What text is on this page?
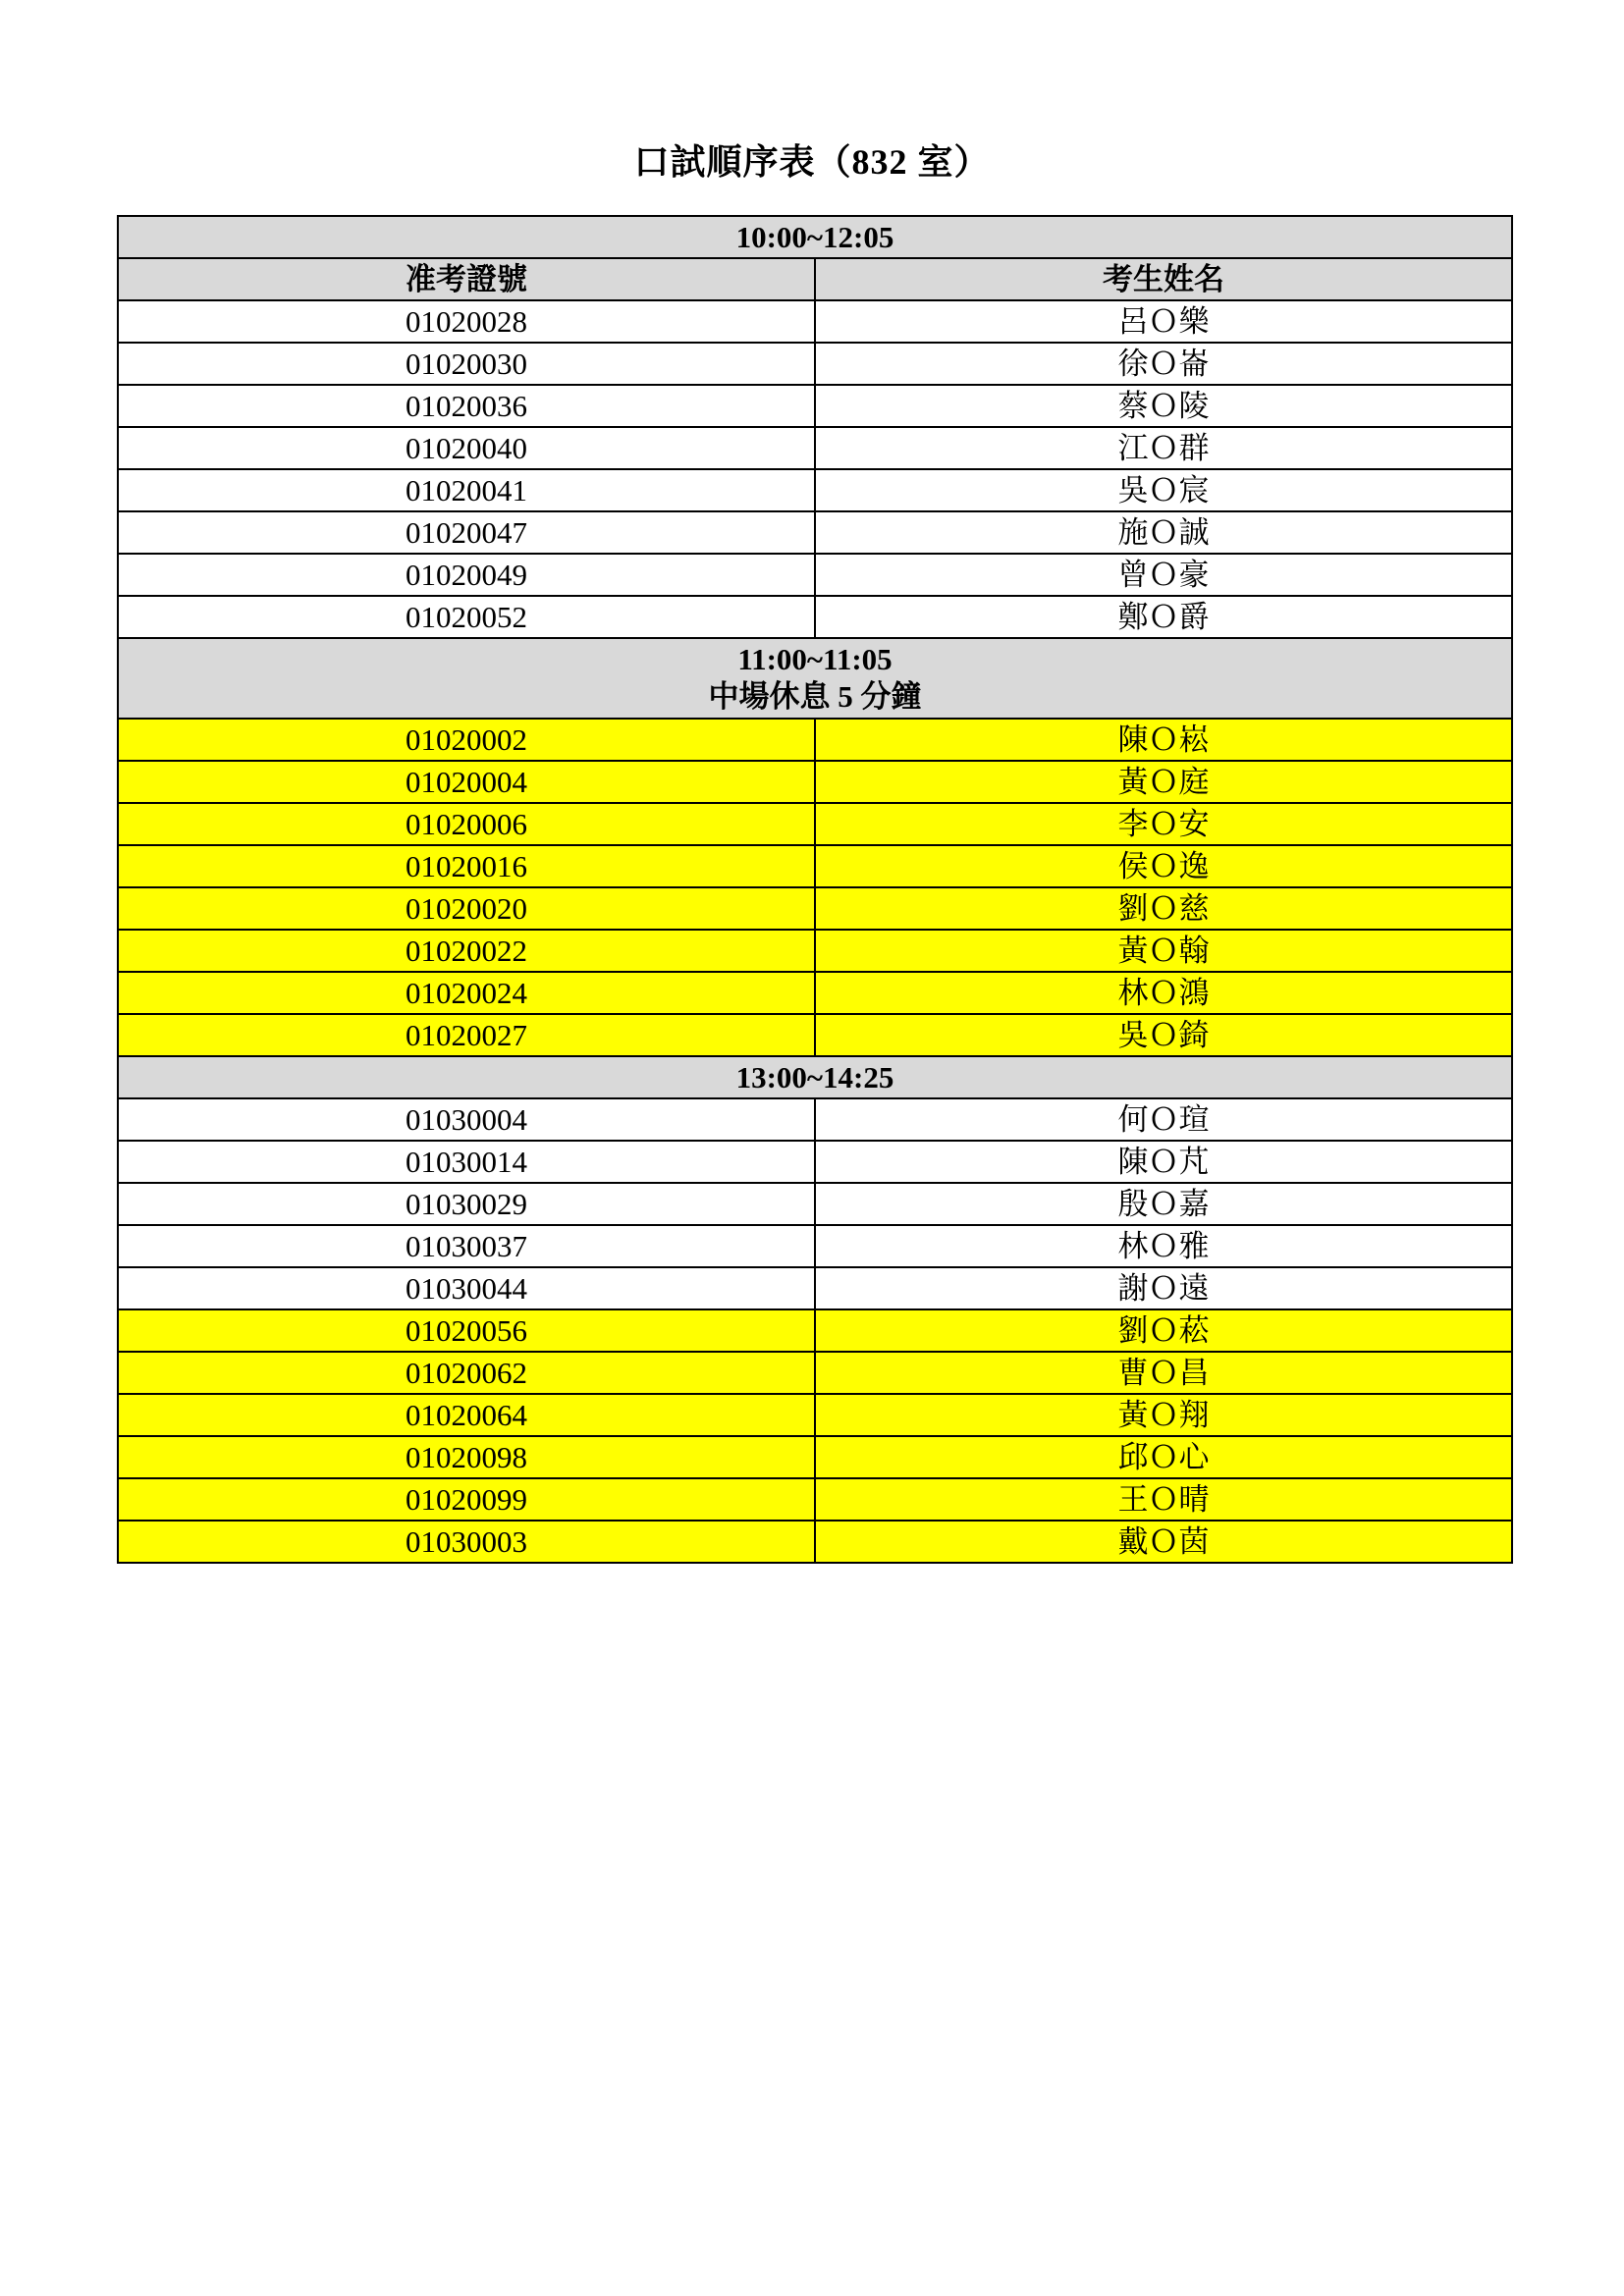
口試順序表（832 室）
10:00~12:05	

准考證號	考生姓名
01020028	呂Ｏ樂
01020030	徐Ｏ崙
01020036	蔡Ｏ陵
01020040	江Ｏ群
01020041	吳Ｏ宸
01020047	施Ｏ誠
01020049	曾Ｏ豪
01020052	鄭Ｏ爵

11:00~11:05
中場休息 5 分鐘	

01020002	陳Ｏ崧
01020004	黃Ｏ庭
01020006	李Ｏ安
01020016	侯Ｏ逸
01020020	劉Ｏ慈
01020022	黃Ｏ翰
01020024	林Ｏ鴻
01020027	吳Ｏ錡

13:00~14:25	

01030004	何Ｏ瑄
01030014	陳Ｏ芃
01030029	殷Ｏ嘉
01030037	林Ｏ雅
01030044	謝Ｏ遠
01020056	劉Ｏ菘
01020062	曹Ｏ昌
01020064	黃Ｏ翔
01020098	邱Ｏ心
01020099	王Ｏ晴
01030003	戴Ｏ茵
